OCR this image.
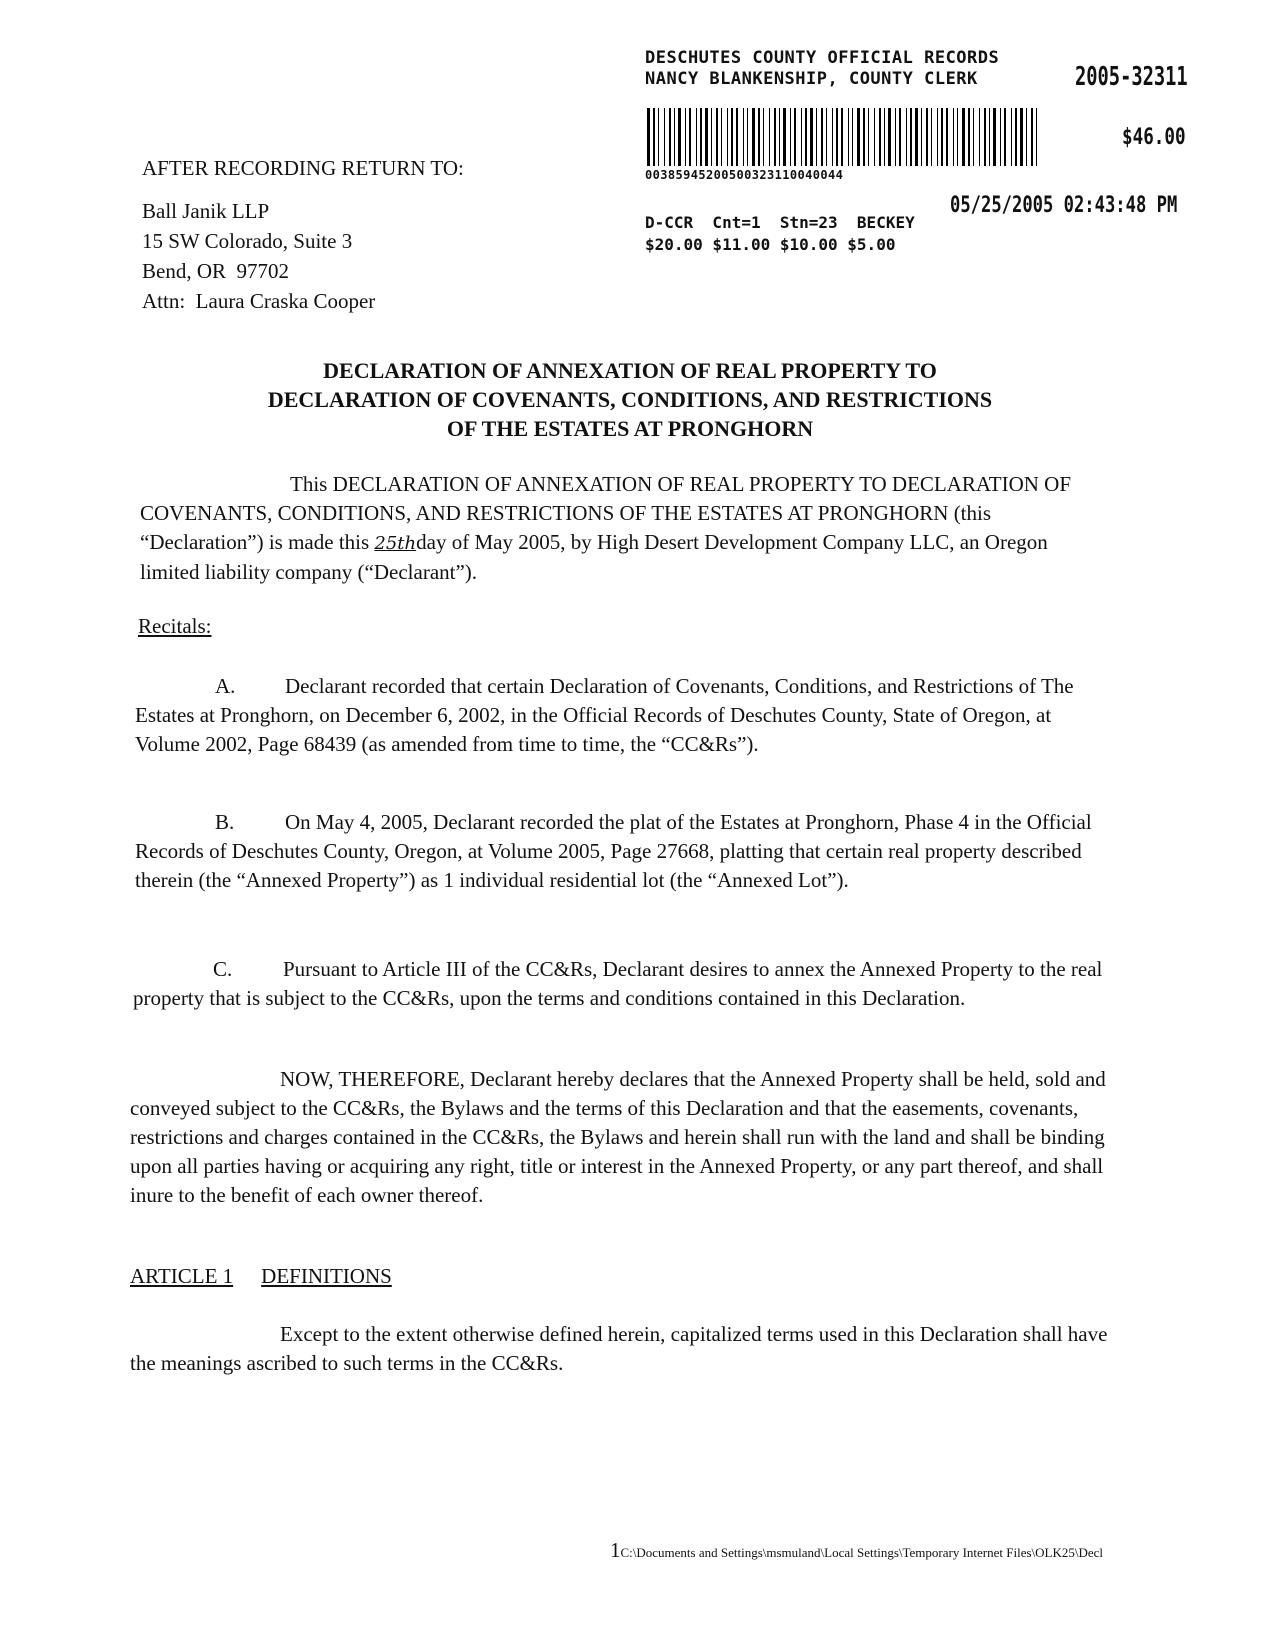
DESCHUTES COUNTY OFFICIAL RECORDS
NANCY BLANKENSHIP, COUNTY CLERK	2005-32311
$46.00
00385945200500323110040044
05/25/2005 02:43:48 PM
D-CCR  Cnt=1  Stn=23  BECKEY
$20.00 $11.00 $10.00 $5.00
AFTER RECORDING RETURN TO:
Ball Janik LLP
15 SW Colorado, Suite 3
Bend, OR  97702
Attn:  Laura Craska Cooper
DECLARATION OF ANNEXATION OF REAL PROPERTY TO
DECLARATION OF COVENANTS, CONDITIONS, AND RESTRICTIONS
OF THE ESTATES AT PRONGHORN

This DECLARATION OF ANNEXATION OF REAL PROPERTY TO DECLARATION OF COVENANTS, CONDITIONS, AND RESTRICTIONS OF THE ESTATES AT PRONGHORN (this “Declaration”) is made this 25thday of May 2005, by High Desert Development Company LLC, an Oregon limited liability company (“Declarant”).

Recitals:

A. Declarant recorded that certain Declaration of Covenants, Conditions, and Restrictions of The Estates at Pronghorn, on December 6, 2002, in the Official Records of Deschutes County, State of Oregon, at Volume 2002, Page 68439 (as amended from time to time, the “CC&Rs”).

B. On May 4, 2005, Declarant recorded the plat of the Estates at Pronghorn, Phase 4 in the Official Records of Deschutes County, Oregon, at Volume 2005, Page 27668, platting that certain real property described therein (the “Annexed Property”) as 1 individual residential lot (the “Annexed Lot”).

C. Pursuant to Article III of the CC&Rs, Declarant desires to annex the Annexed Property to the real property that is subject to the CC&Rs, upon the terms and conditions contained in this Declaration.

NOW, THEREFORE, Declarant hereby declares that the Annexed Property shall be held, sold and conveyed subject to the CC&Rs, the Bylaws and the terms of this Declaration and that the easements, covenants, restrictions and charges contained in the CC&Rs, the Bylaws and herein shall run with the land and shall be binding upon all parties having or acquiring any right, title or interest in the Annexed Property, or any part thereof, and shall inure to the benefit of each owner thereof.

ARTICLE 1 DEFINITIONS

Except to the extent otherwise defined herein, capitalized terms used in this Declaration shall have the meanings ascribed to such terms in the CC&Rs.

1C:\Documents and Settings\msmuland\Local Settings\Temporary Internet Files\OLK25\Decl
